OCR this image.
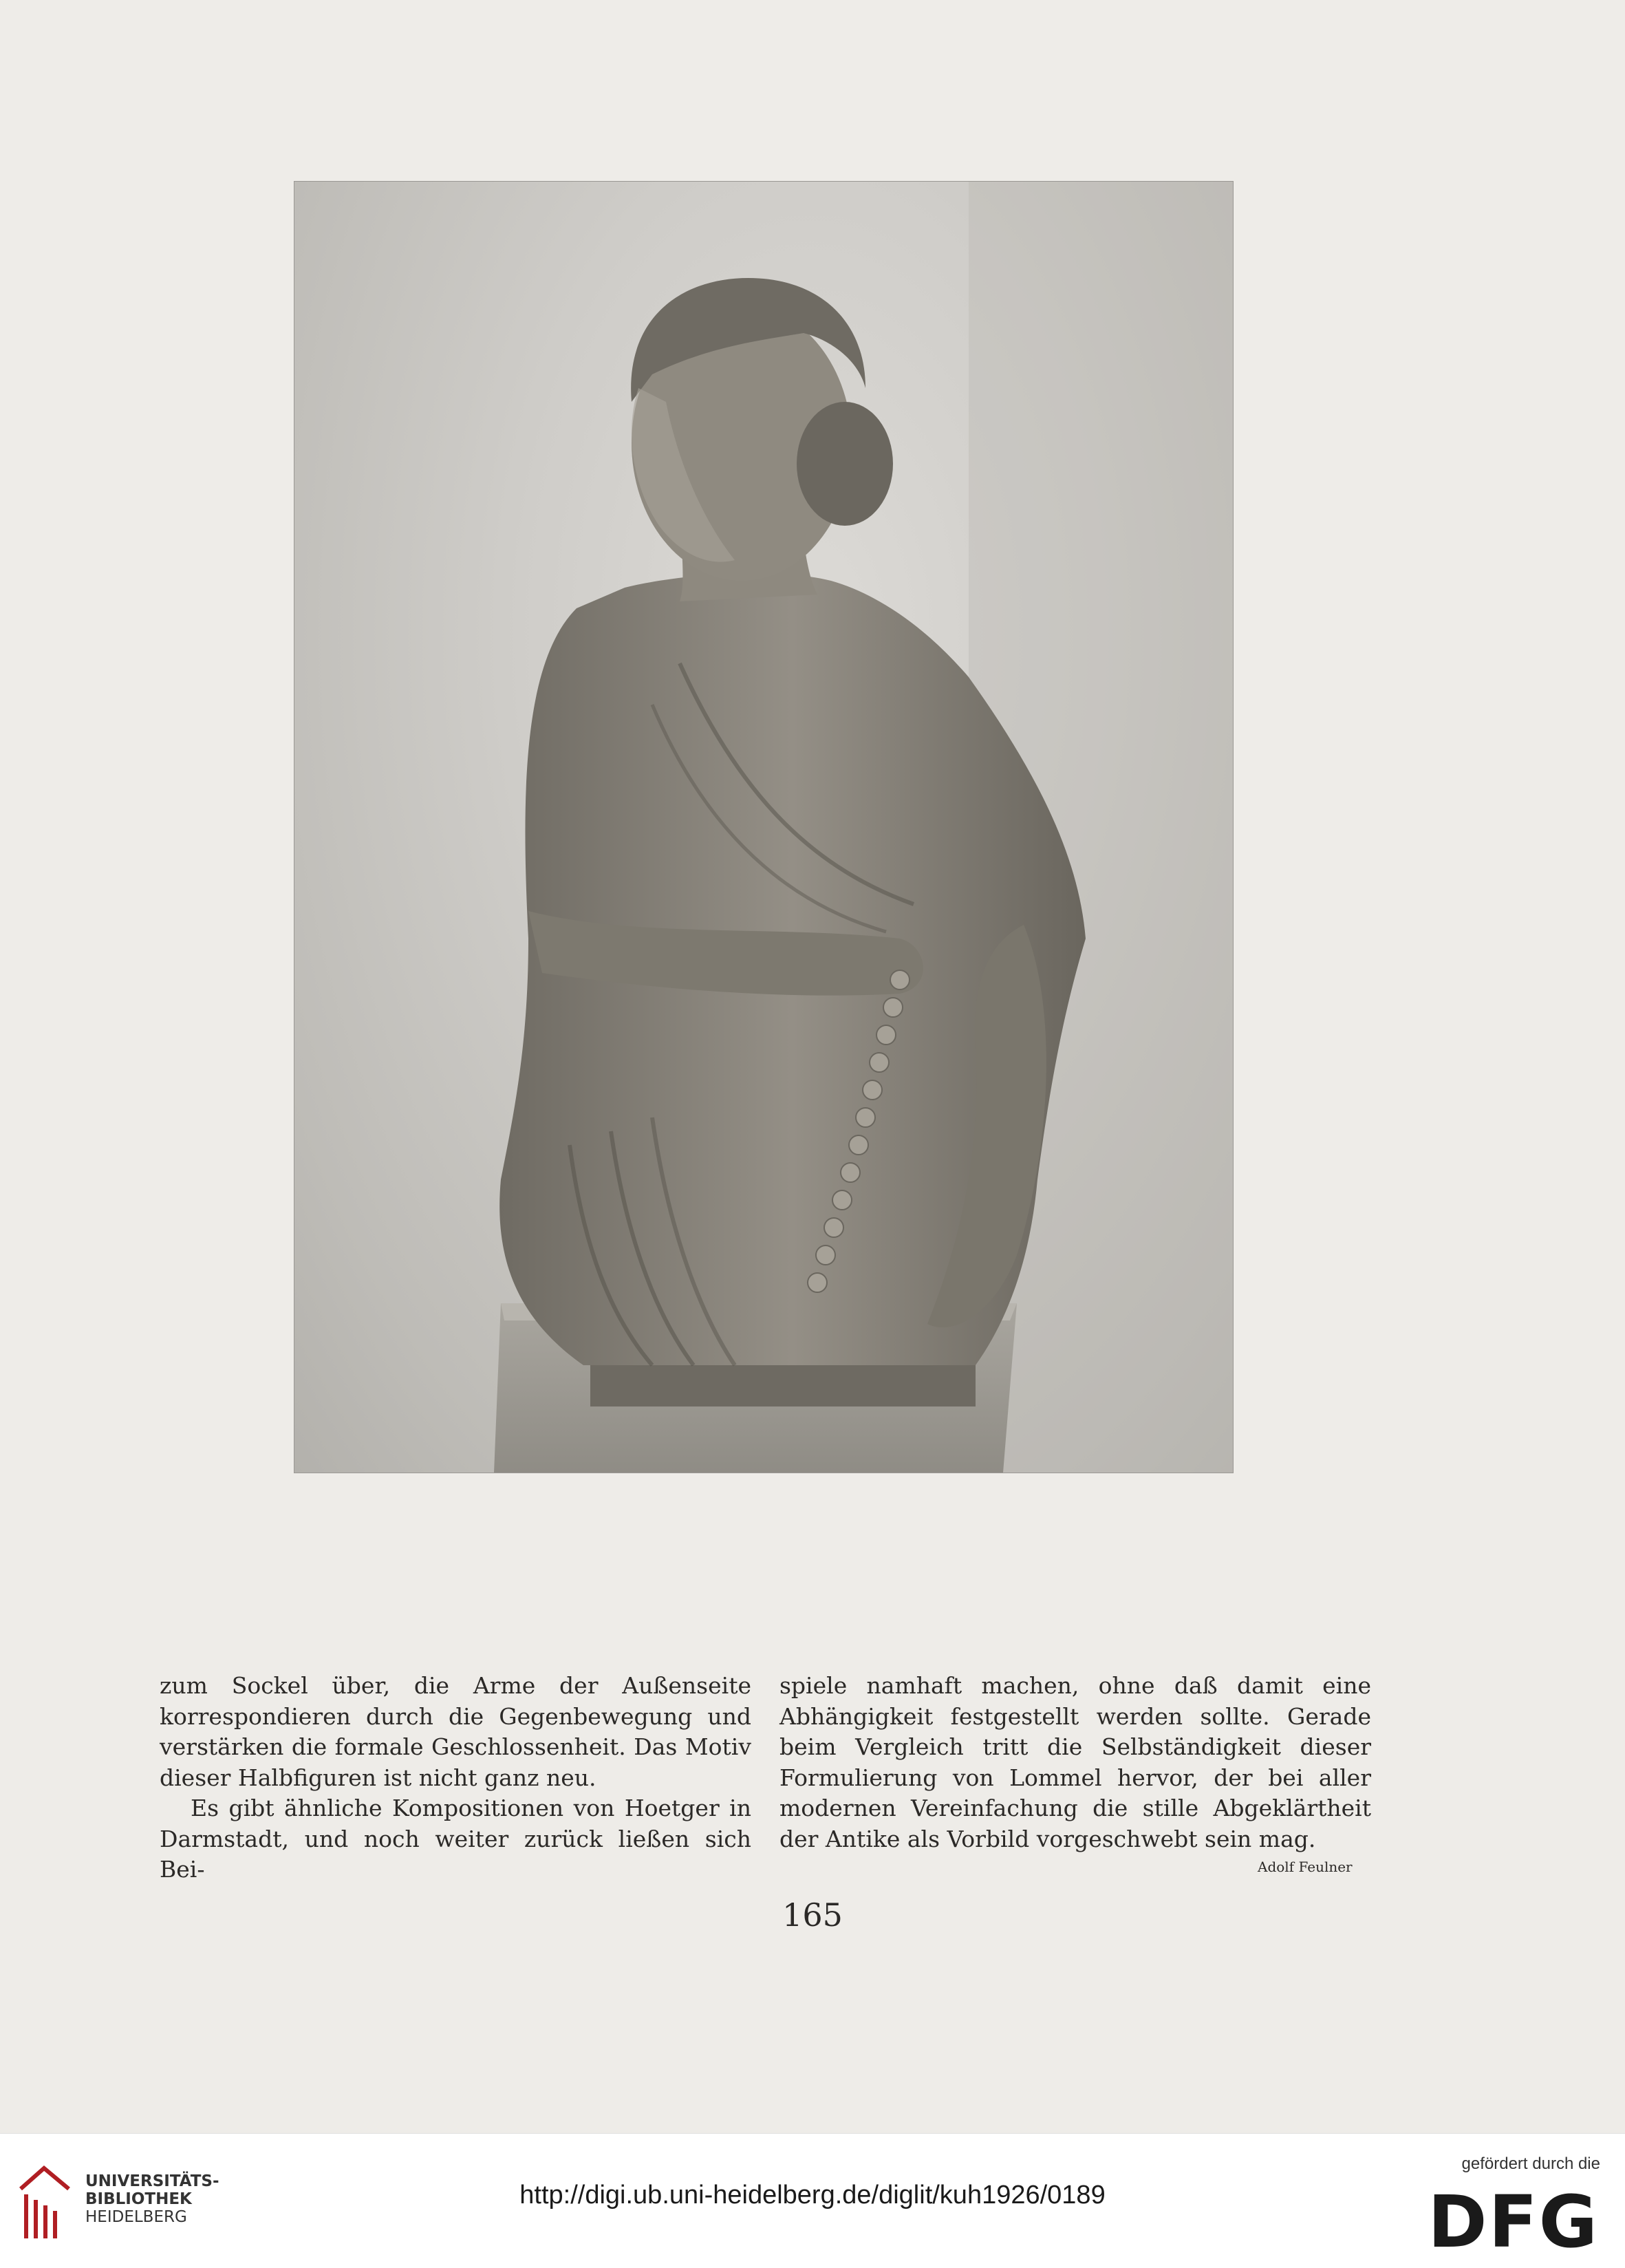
zum Sockel über, die Arme der Außenseite korrespondieren durch die Gegenbewegung und verstärken die formale Geschlossenheit. Das Motiv dieser Halbfiguren ist nicht ganz neu.

Es gibt ähnliche Kompositionen von Hoetger in Darmstadt, und noch weiter zurück ließen sich Bei-

spiele namhaft machen, ohne daß damit eine Abhängigkeit festgestellt werden sollte. Gerade beim Vergleich tritt die Selbständigkeit dieser Formulierung von Lommel hervor, der bei aller modernen Vereinfachung die stille Abgeklärtheit der Antike als Vorbild vorgeschwebt sein mag.

Adolf Feulner
165
UNIVERSITÄTS-
BIBLIOTHEK
HEIDELBERG
http://digi.ub.uni-heidelberg.de/diglit/kuh1926/0189
gefördert durch die
DFG
